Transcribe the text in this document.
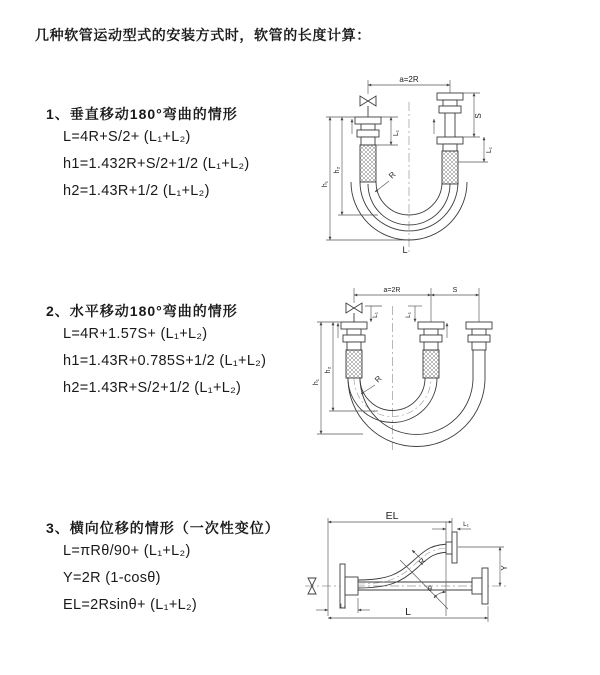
几种软管运动型式的安装方式时，软管的长度计算：
1、垂直移动180°弯曲的情形
L=4R+S/2+ (L₁+L₂)
h1=1.432R+S/2+1/2 (L₁+L₂)
h2=1.43R+1/2 (L₁+L₂)
2、水平移动180°弯曲的情形
L=4R+1.57S+ (L₁+L₂)
h1=1.43R+0.785S+1/2 (L₁+L₂)
h2=1.43R+S/2+1/2 (L₁+L₂)
3、横向位移的情形（一次性变位）
L=πRθ/90+ (L₁+L₂)
Y=2R (1-cosθ)
EL=2Rsinθ+ (L₁+L₂)
a=2R
L₁
S
L₁
h₁
h₂
R
L
a=2R	S
L₁	L₁
h₁
h₂
R
EL
L₁
Y
θ
R
L
L₁
